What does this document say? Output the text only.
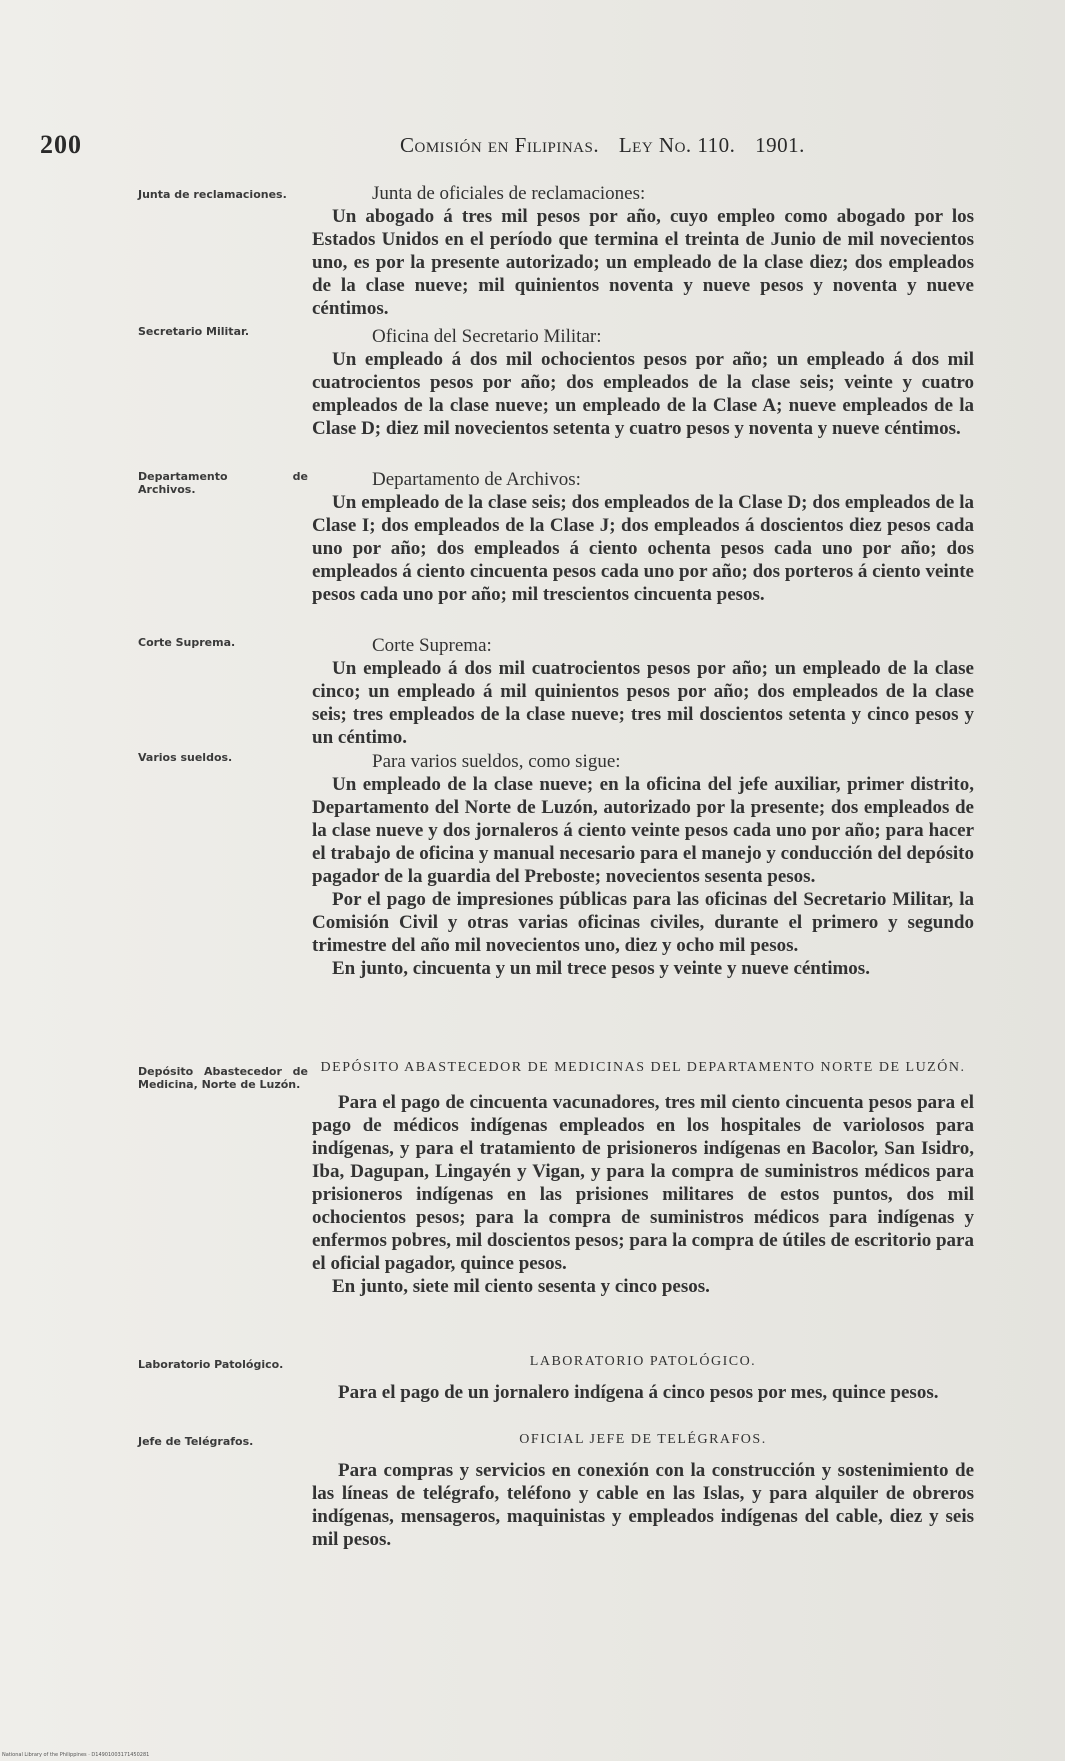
200	Comisión en Filipinas. Ley No. 110. 1901.
Junta de reclamaciones.
Secretario Militar.
Departamento de Archivos.
Corte Suprema.
Varios sueldos.
Depósito Abastecedor de Medicina, Norte de Luzón.
Laboratorio Patológico.
Jefe de Telégrafos.

Junta de oficiales de reclamaciones:

Un abogado á tres mil pesos por año, cuyo empleo como abogado por los Estados Unidos en el período que termina el treinta de Junio de mil novecientos uno, es por la presente autorizado; un empleado de la clase diez; dos empleados de la clase nueve; mil quinientos noventa y nueve pesos y noventa y nueve céntimos.

Oficina del Secretario Militar:

Un empleado á dos mil ochocientos pesos por año; un empleado á dos mil cuatrocientos pesos por año; dos empleados de la clase seis; veinte y cuatro empleados de la clase nueve; un empleado de la Clase A; nueve empleados de la Clase D; diez mil novecientos setenta y cuatro pesos y noventa y nueve céntimos.

Departamento de Archivos:

Un empleado de la clase seis; dos empleados de la Clase D; dos empleados de la Clase I; dos empleados de la Clase J; dos empleados á doscientos diez pesos cada uno por año; dos empleados á ciento ochenta pesos cada uno por año; dos empleados á ciento cincuenta pesos cada uno por año; dos porteros á ciento veinte pesos cada uno por año; mil trescientos cincuenta pesos.

Corte Suprema:

Un empleado á dos mil cuatrocientos pesos por año; un empleado de la clase cinco; un empleado á mil quinientos pesos por año; dos empleados de la clase seis; tres empleados de la clase nueve; tres mil doscientos setenta y cinco pesos y un céntimo.

Para varios sueldos, como sigue:

Un empleado de la clase nueve; en la oficina del jefe auxiliar, primer distrito, Departamento del Norte de Luzón, autorizado por la presente; dos empleados de la clase nueve y dos jornaleros á ciento veinte pesos cada uno por año; para hacer el trabajo de oficina y manual necesario para el manejo y conducción del depósito pagador de la guardia del Preboste; novecientos sesenta pesos.

Por el pago de impresiones públicas para las oficinas del Secretario Militar, la Comisión Civil y otras varias oficinas civiles, durante el primero y segundo trimestre del año mil novecientos uno, diez y ocho mil pesos.

En junto, cincuenta y un mil trece pesos y veinte y nueve céntimos.

DEPÓSITO ABASTECEDOR DE MEDICINAS DEL DEPARTAMENTO NORTE DE LUZÓN.

Para el pago de cincuenta vacunadores, tres mil ciento cincuenta pesos para el pago de médicos indígenas empleados en los hospitales de variolosos para indígenas, y para el tratamiento de prisioneros indígenas en Bacolor, San Isidro, Iba, Dagupan, Lingayén y Vigan, y para la compra de suministros médicos para prisioneros indígenas en las prisiones militares de estos puntos, dos mil ochocientos pesos; para la compra de suministros médicos para indígenas y enfermos pobres, mil doscientos pesos; para la compra de útiles de escritorio para el oficial pagador, quince pesos.

En junto, siete mil ciento sesenta y cinco pesos.

LABORATORIO PATOLÓGICO.

Para el pago de un jornalero indígena á cinco pesos por mes, quince pesos.

OFICIAL JEFE DE TELÉGRAFOS.

Para compras y servicios en conexión con la construcción y sostenimiento de las líneas de telégrafo, teléfono y cable en las Islas, y para alquiler de obreros indígenas, mensageros, maquinistas y empleados indígenas del cable, diez y seis mil pesos.

National Library of the Philippines · D14901003171450281
